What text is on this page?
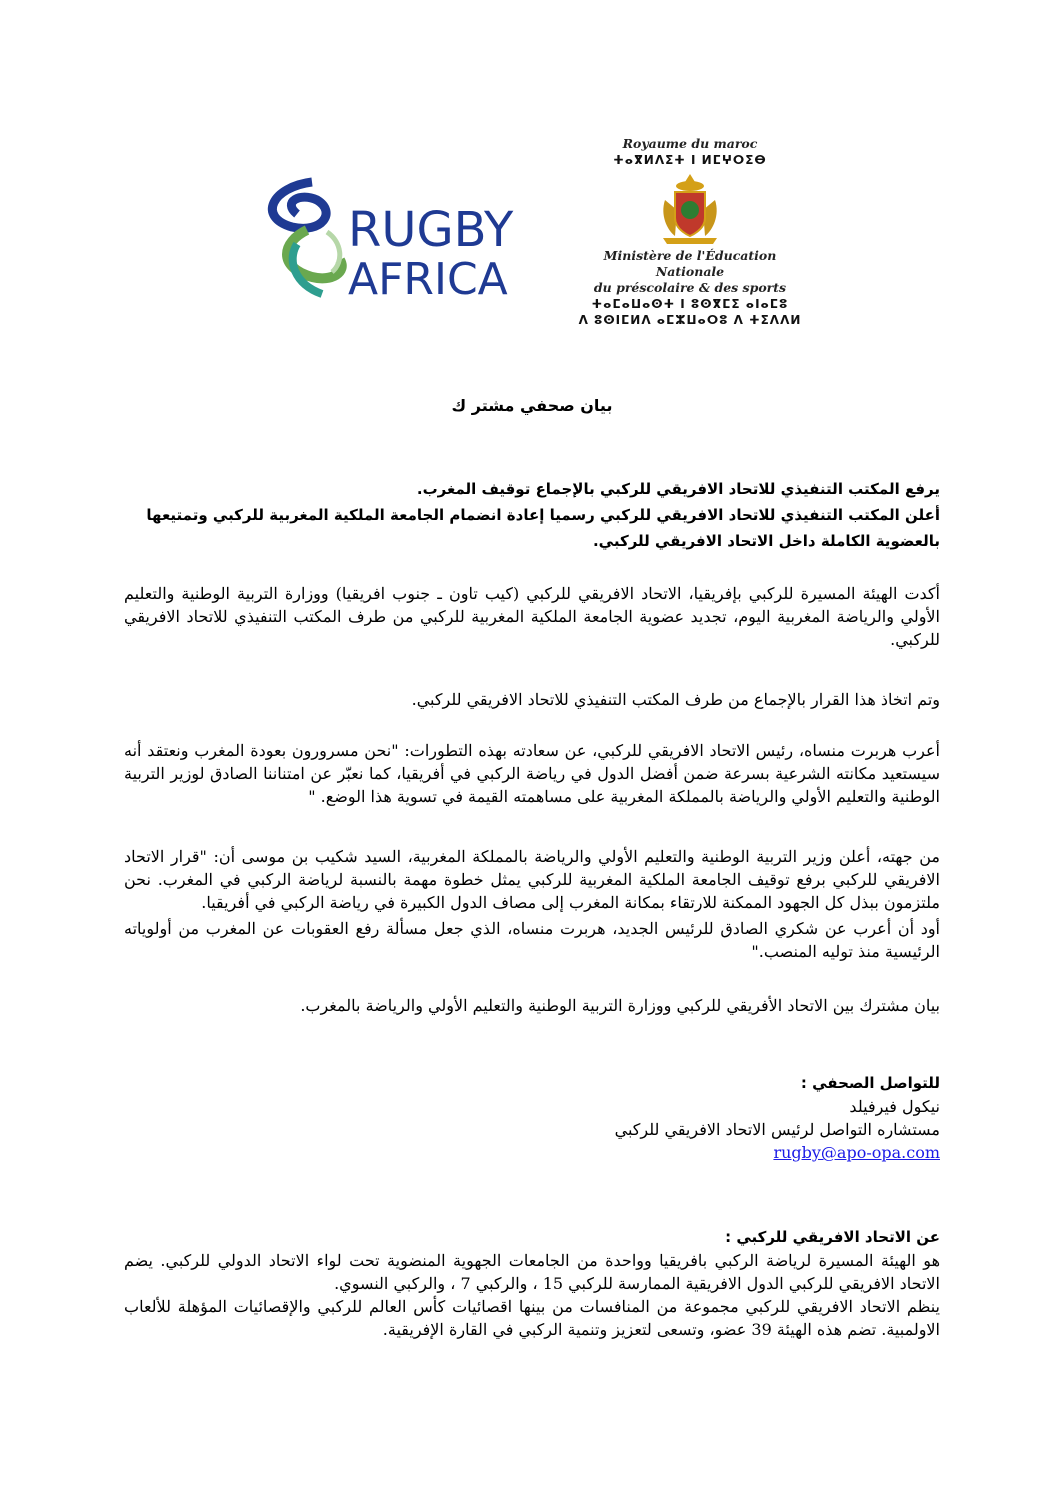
RUGBY
AFRICA
Royaume du maroc
ⵜⴰⴳⵍⴷⵉⵜ ⵏ ⵍⵎⵖⵔⵉⴱ
Ministère de l'Éducation Nationale
du préscolaire & des sports
ⵜⴰⵎⴰⵡⴰⵙⵜ ⵏ ⵓⵙⴳⵎⵉ ⴰⵏⴰⵎⵓ
ⴷ ⵓⵙⵏⵎⵍⴷ ⴰⵎⵣⵡⴰⵔⵓ ⴷ ⵜⵉⴷⴷⵍ
بيان صحفي مشتر ك

يرفع المكتب التنفيذي للاتحاد الافريقي للركبي بالإجماع توقيف المغرب.

أعلن المكتب التنفيذي للاتحاد الافريقي للركبي رسميا إعادة انضمام الجامعة الملكية المغربية للركبي وتمتيعها

بالعضوية الكاملة داخل الاتحاد الافريقي للركبي.

أكدت الهيئة المسيرة للركبي بإفريقيا، الاتحاد الافريقي للركبي (كيب تاون ـ جنوب افريقيا) ووزارة التربية الوطنية والتعليم الأولي والرياضة المغربية اليوم، تجديد عضوية الجامعة الملكية المغربية للركبي من طرف المكتب التنفيذي للاتحاد الافريقي للركبي.
وتم اتخاذ هذا القرار بالإجماع من طرف المكتب التنفيذي للاتحاد الافريقي للركبي.
أعرب هربرت منساه، رئيس الاتحاد الافريقي للركبي، عن سعادته بهذه التطورات: "نحن مسرورون بعودة المغرب ونعتقد أنه سيستعيد مكانته الشرعية بسرعة ضمن أفضل الدول في رياضة الركبي في أفريقيا، كما نعبّر عن امتناننا الصادق لوزير التربية الوطنية والتعليم الأولي والرياضة بالمملكة المغربية على مساهمته القيمة في تسوية هذا الوضع. "
من جهته، أعلن وزير التربية الوطنية والتعليم الأولي والرياضة بالمملكة المغربية، السيد شكيب بن موسى أن: "قرار الاتحاد الافريقي للركبي برفع توقيف الجامعة الملكية المغربية للركبي يمثل خطوة مهمة بالنسبة لرياضة الركبي في المغرب. نحن ملتزمون ببذل كل الجهود الممكنة للارتقاء بمكانة المغرب إلى مصاف الدول الكبيرة في رياضة الركبي في أفريقيا.
أود أن أعرب عن شكري الصادق للرئيس الجديد، هربرت منساه، الذي جعل مسألة رفع العقوبات عن المغرب من أولوياته الرئيسية منذ توليه المنصب."
بيان مشترك بين الاتحاد الأفريقي للركبي ووزارة التربية الوطنية والتعليم الأولي والرياضة بالمغرب.

للتواصل الصحفي :

نيكول فيرفيلد

مستشاره التواصل لرئيس الاتحاد الافريقي للركبي

rugby@apo-opa.com

عن الاتحاد الافريقي للركبي :

هو الهيئة المسيرة لرياضة الركبي بافريقيا وواحدة من الجامعات الجهوية المنضوية تحت لواء الاتحاد الدولي للركبي. يضم الاتحاد الافريقي للركبي الدول الافريقية الممارسة للركبي 15 ، والركبي 7 ، والركبي النسوي.

ينظم الاتحاد الافريقي للركبي مجموعة من المنافسات من بينها اقصائيات كأس العالم للركبي والإقصائيات المؤهلة للألعاب الاولمبية. تضم هذه الهيئة 39 عضو، وتسعى لتعزيز وتنمية الركبي في القارة الإفريقية.
